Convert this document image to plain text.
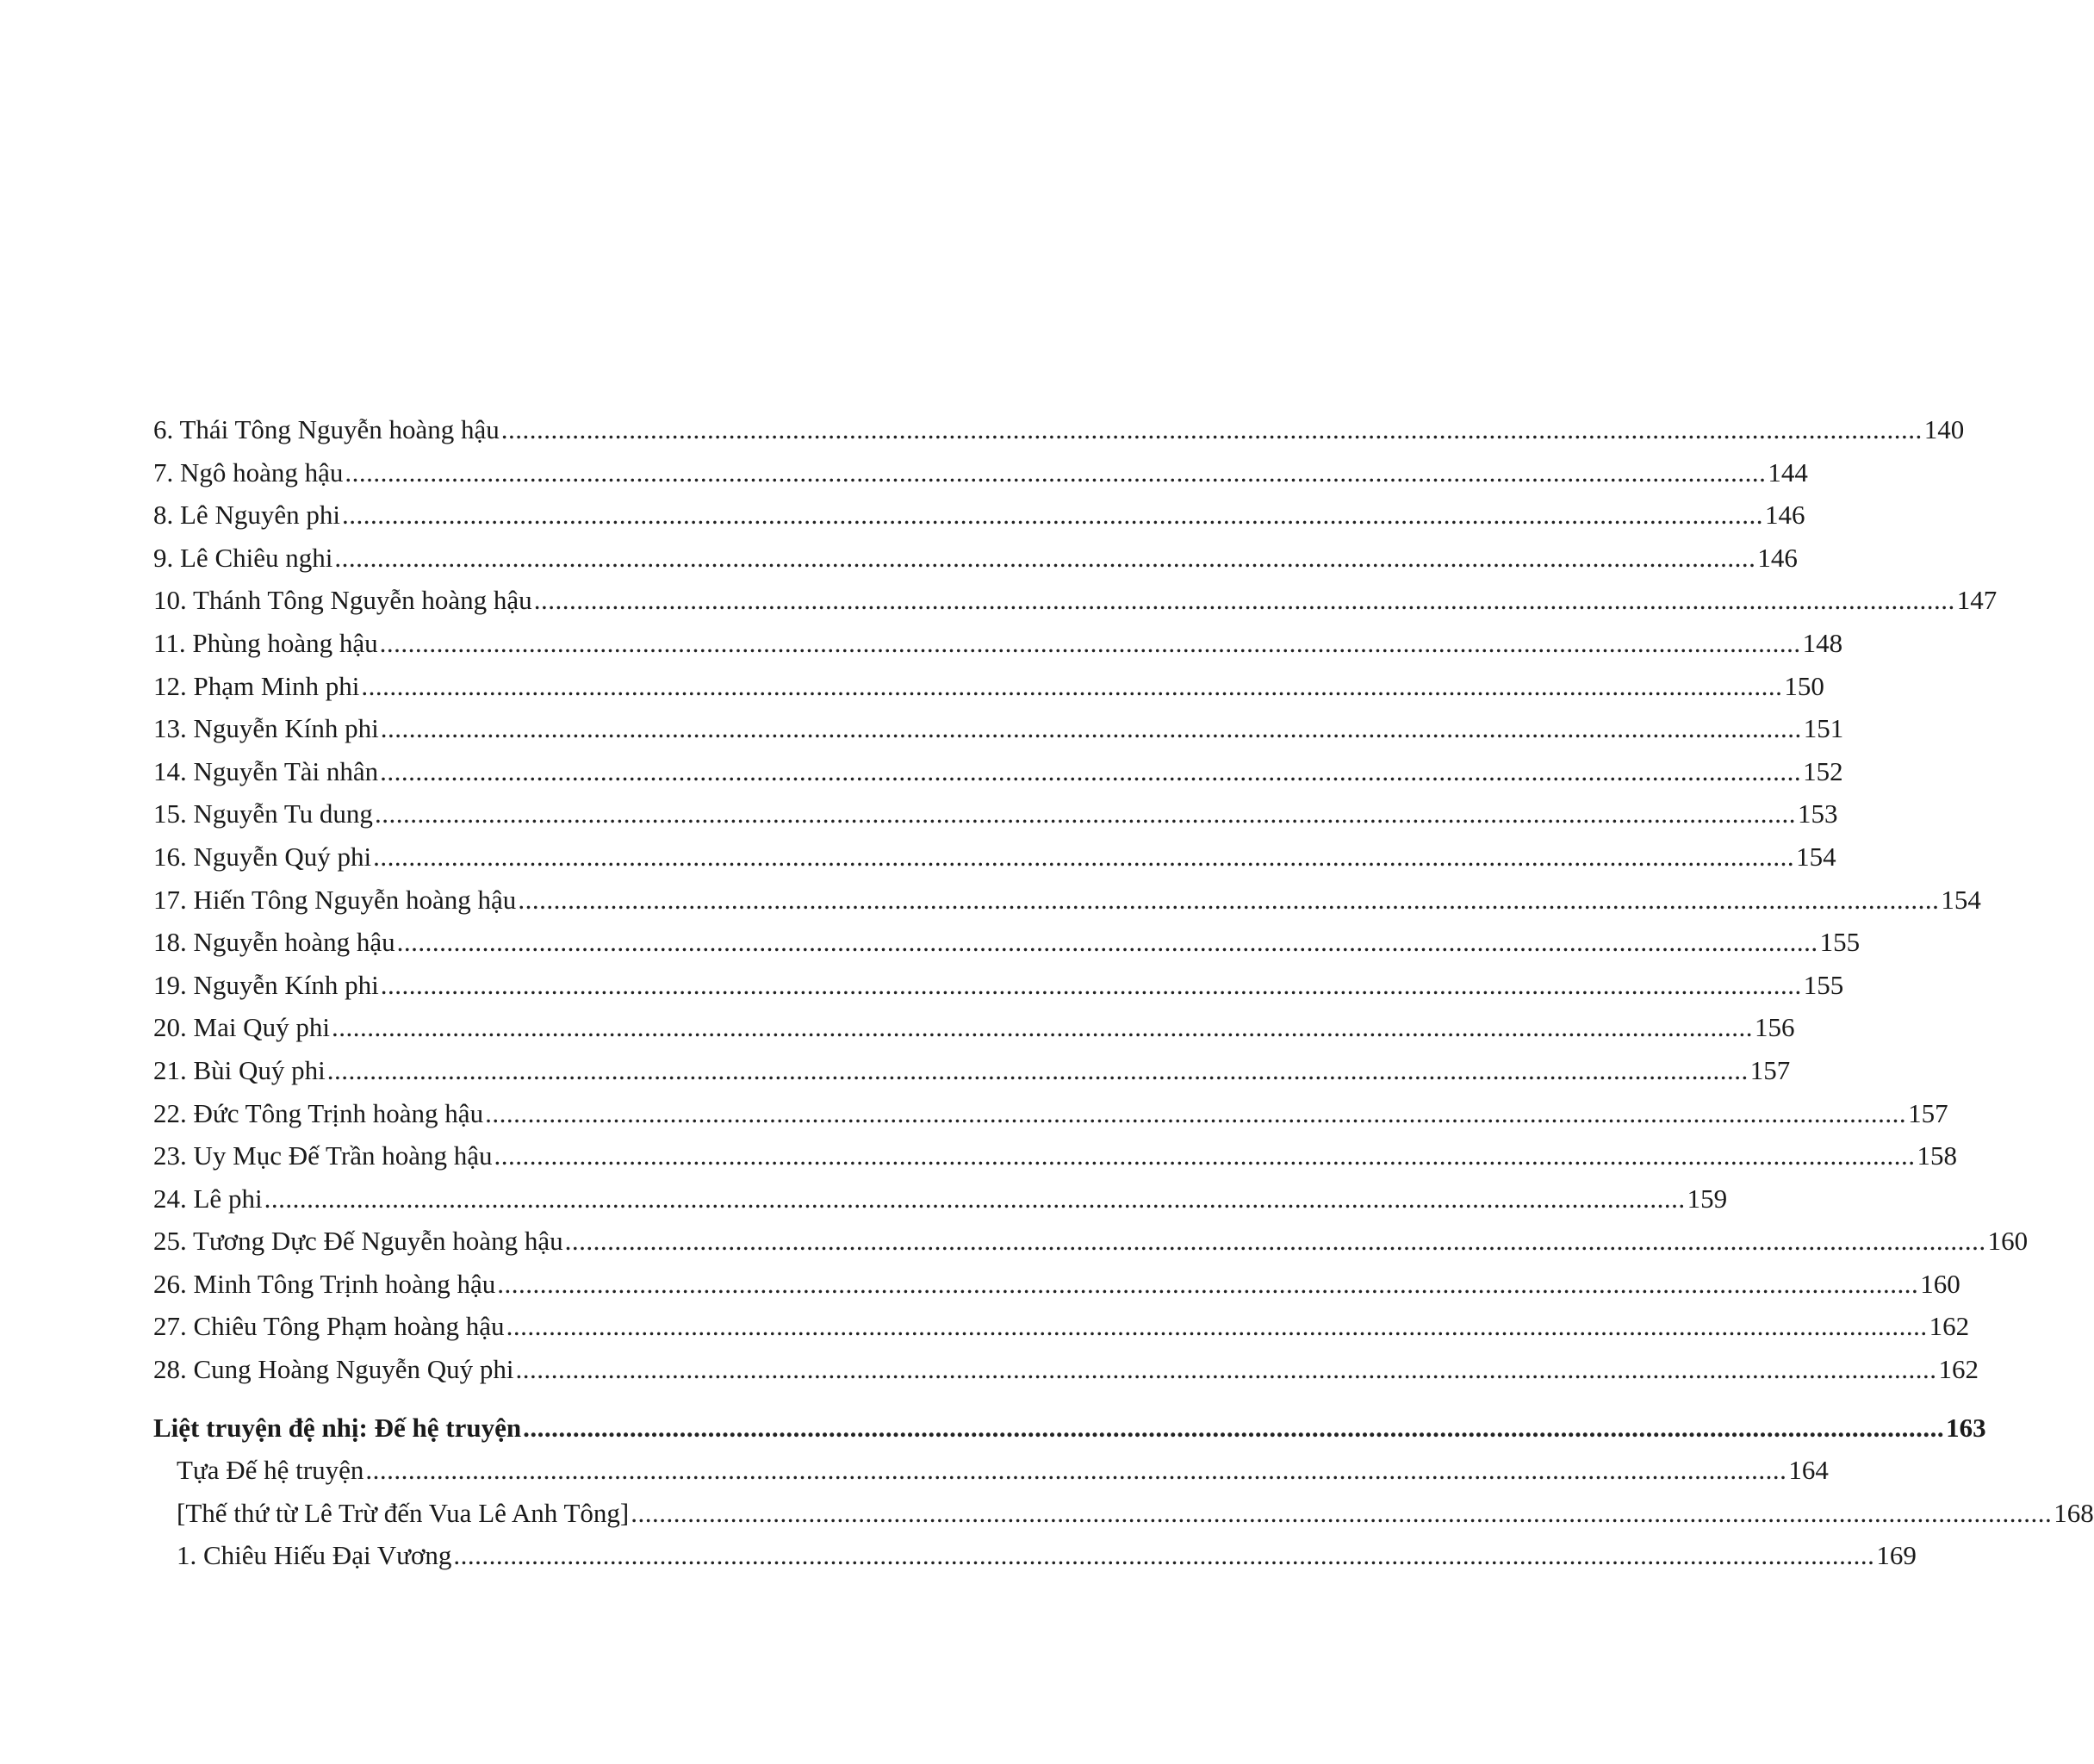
6. Thái Tông Nguyễn hoàng hậu ........................................................................................................................................................................................................ 140
7. Ngô hoàng hậu ........................................................................................................................................................................................................ 144
8. Lê Nguyên phi ........................................................................................................................................................................................................ 146
9. Lê Chiêu nghi ........................................................................................................................................................................................................ 146
10. Thánh Tông Nguyễn hoàng hậu ........................................................................................................................................................................................................ 147
11. Phùng hoàng hậu ........................................................................................................................................................................................................ 148
12. Phạm Minh phi ........................................................................................................................................................................................................ 150
13. Nguyễn Kính phi ........................................................................................................................................................................................................ 151
14. Nguyễn Tài nhân ........................................................................................................................................................................................................ 152
15. Nguyễn Tu dung ........................................................................................................................................................................................................ 153
16. Nguyễn Quý phi ........................................................................................................................................................................................................ 154
17. Hiến Tông Nguyễn hoàng hậu ........................................................................................................................................................................................................ 154
18. Nguyễn hoàng hậu ........................................................................................................................................................................................................ 155
19. Nguyễn Kính phi ........................................................................................................................................................................................................ 155
20. Mai Quý phi ........................................................................................................................................................................................................ 156
21. Bùi Quý phi ........................................................................................................................................................................................................ 157
22. Đức Tông Trịnh hoàng hậu ........................................................................................................................................................................................................ 157
23. Uy Mục Đế Trần hoàng hậu ........................................................................................................................................................................................................ 158
24. Lê phi ........................................................................................................................................................................................................ 159
25. Tương Dực Đế Nguyễn hoàng hậu ........................................................................................................................................................................................................ 160
26. Minh Tông Trịnh hoàng hậu ........................................................................................................................................................................................................ 160
27. Chiêu Tông Phạm hoàng hậu ........................................................................................................................................................................................................ 162
28. Cung Hoàng Nguyễn Quý phi ........................................................................................................................................................................................................ 162
Liệt truyện đệ nhị: Đế hệ truyện ........................................................................................................................................................................................................ 163
Tựa Đế hệ truyện ........................................................................................................................................................................................................ 164
[Thế thứ từ Lê Trừ đến Vua Lê Anh Tông] ........................................................................................................................................................................................................ 168
1. Chiêu Hiếu Đại Vương ........................................................................................................................................................................................................ 169
